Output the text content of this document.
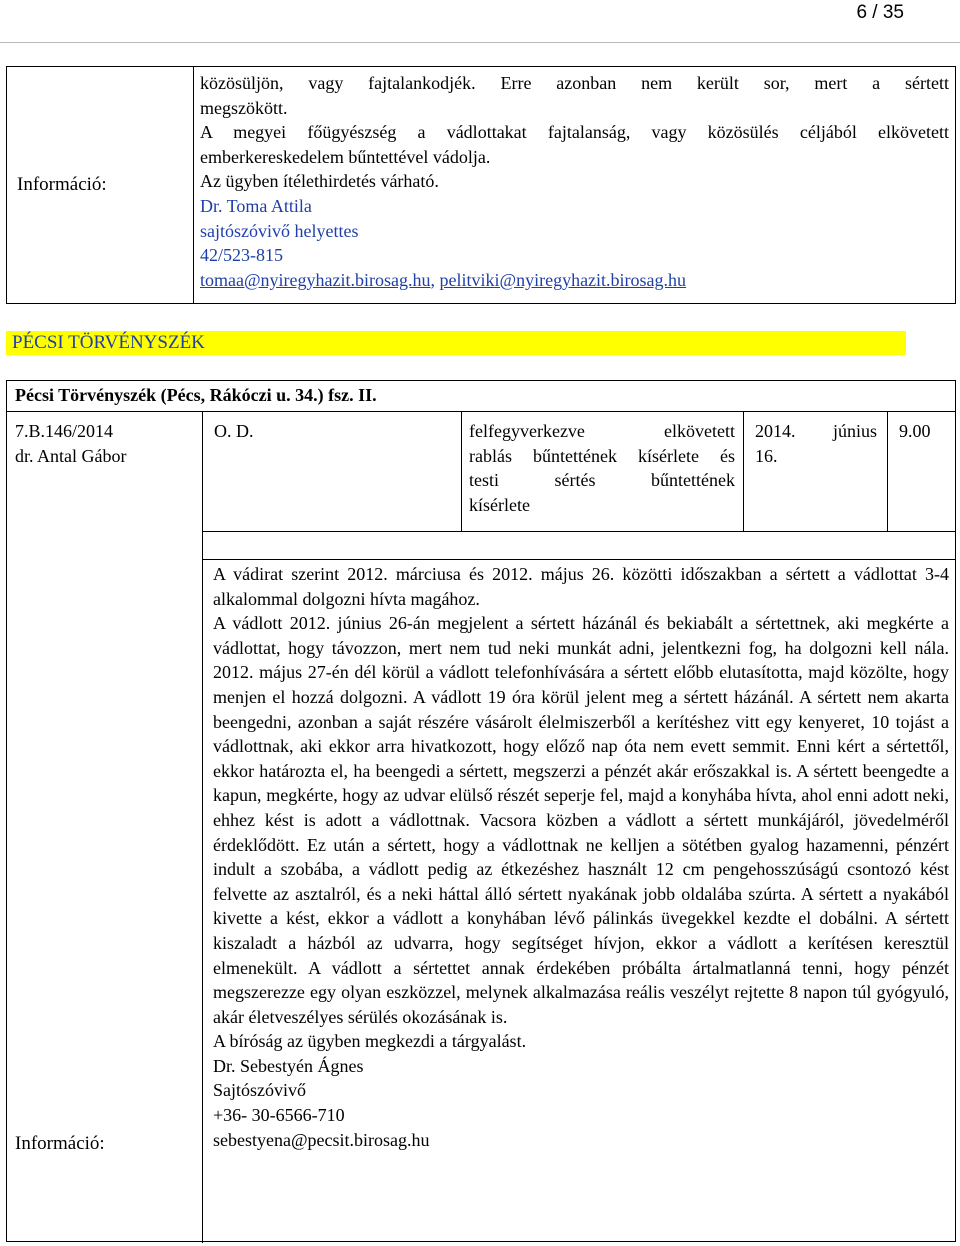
6 / 35
Információ:
közösüljön, vagy fajtalankodjék. Erre azonban nem került sor, mert a sértett
megszökött.
A megyei főügyészség a vádlottakat fajtalanság, vagy közösülés céljából elkövetett
emberkereskedelem bűntettével vádolja.
Az ügyben ítélethirdetés várható.
Dr. Toma Attila
sajtószóvivő helyettes
42/523-815
tomaa@nyiregyhazit.birosag.hu, pelitviki@nyiregyhazit.birosag.hu
PÉCSI TÖRVÉNYSZÉK
Pécsi Törvényszék (Pécs, Rákóczi u. 34.) fsz. II.
7.B.146/2014
dr. Antal Gábor
O. D.	felfegyverkezve elkövetett
rablás bűntettének kísérlete és
testi sértés bűntettének
kísérlete
2014. június
16.
9.00
A vádirat szerint 2012. márciusa és 2012. május 26. közötti időszakban a sértett a vádlottat 3-4 alkalommal dolgozni hívta magához.
A vádlott 2012. június 26-án megjelent a sértett házánál és bekiabált a sértettnek, aki megkérte a vádlottat, hogy távozzon, mert nem tud neki munkát adni, jelentkezni fog, ha dolgozni kell nála. 2012. május 27-én dél körül a vádlott telefonhívására a sértett előbb elutasította, majd közölte, hogy menjen el hozzá dolgozni. A vádlott 19 óra körül jelent meg a sértett házánál. A sértett nem akarta beengedni, azonban a saját részére vásárolt élelmiszerből a kerítéshez vitt egy kenyeret, 10 tojást a vádlottnak, aki ekkor arra hivatkozott, hogy előző nap óta nem evett semmit. Enni kért a sértettől, ekkor határozta el, ha beengedi a sértett, megszerzi a pénzét akár erőszakkal is. A sértett beengedte a kapun, megkérte, hogy az udvar elülső részét seperje fel, majd a konyhába hívta, ahol enni adott neki, ehhez kést is adott a vádlottnak. Vacsora közben a vádlott a sértett munkájáról, jövedelméről érdeklődött. Ez után a sértett, hogy a vádlottnak ne kelljen a sötétben gyalog hazamenni, pénzért indult a szobába, a vádlott pedig az étkezéshez használt 12 cm pengehosszúságú csontozó kést felvette az asztalról, és a neki háttal álló sértett nyakának jobb oldalába szúrta. A sértett a nyakából kivette a kést, ekkor a vádlott a konyhában lévő pálinkás üvegekkel kezdte el dobálni. A sértett kiszaladt a házból az udvarra, hogy segítséget hívjon, ekkor a vádlott a kerítésen keresztül elmenekült. A vádlott a sértettet annak érdekében próbálta ártalmatlanná tenni, hogy pénzét megszerezze egy olyan eszközzel, melynek alkalmazása reális veszélyt rejtette 8 napon túl gyógyuló, akár életveszélyes sérülés okozásának is.
A bíróság az ügyben megkezdi a tárgyalást.
Dr. Sebestyén Ágnes
Sajtószóvivő
+36- 30-6566-710
sebestyena@pecsit.birosag.hu
Információ:
